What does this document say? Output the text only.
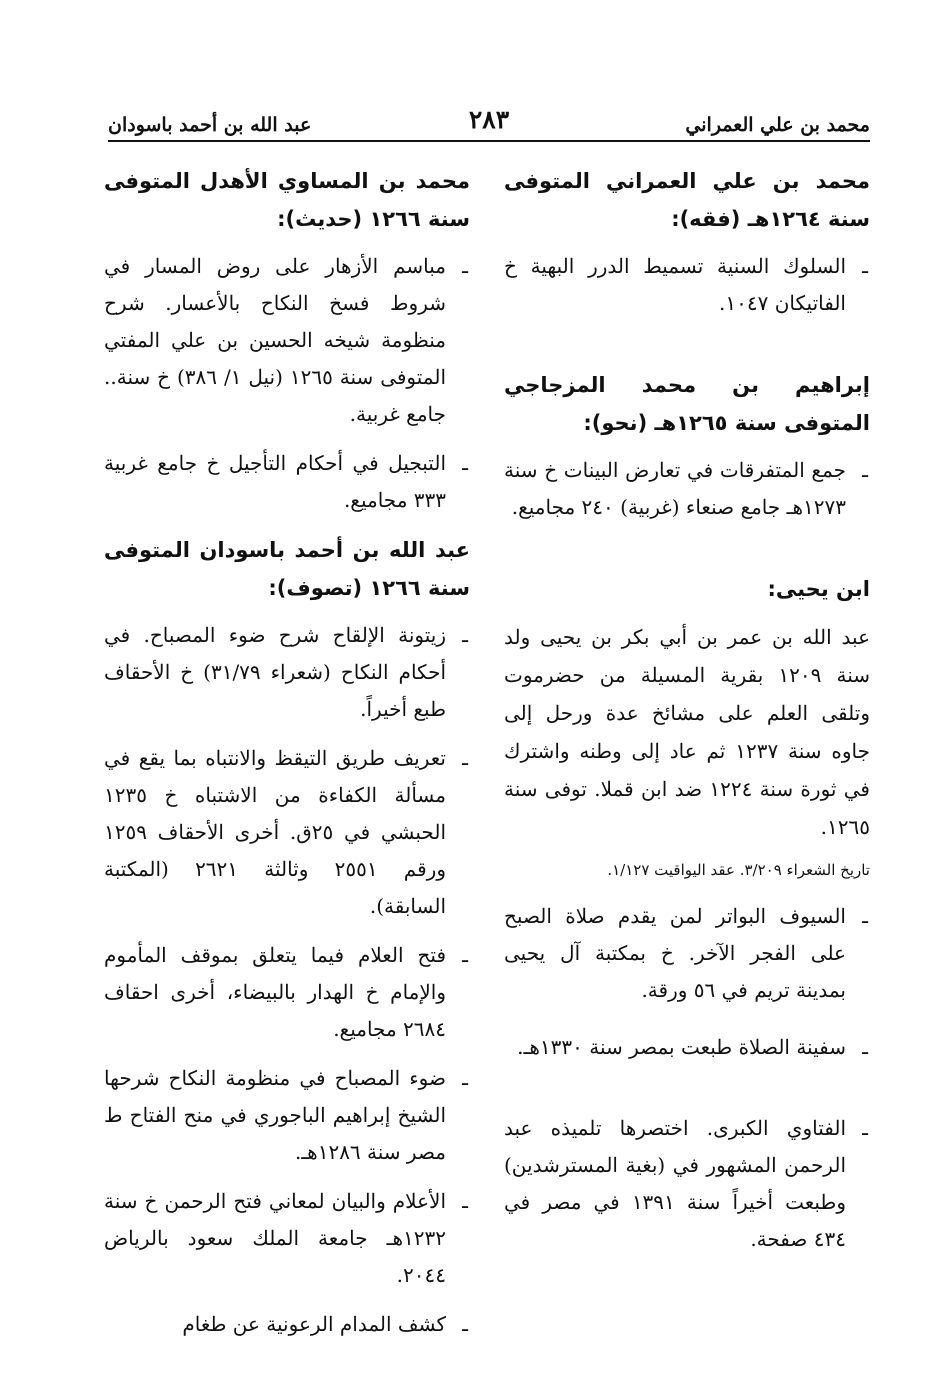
محمد بن علي العمراني
٢٨٣
عبد الله بن أحمد باسودان
محمد بن علي العمراني المتوفى سنة ١٢٦٤هـ (فقه):
ـ السلوك السنية تسميط الدرر البهية خ الفاتيكان ١٠٤٧.
إبراهيم بن محمد المزجاجي المتوفى سنة ١٢٦٥هـ (نحو):
ـ جمع المتفرقات في تعارض البينات خ سنة ١٢٧٣هـ جامع صنعاء (غربية) ٢٤٠ مجاميع.
ابن يحيى:
عبد الله بن عمر بن أبي بكر بن يحيى ولد سنة ١٢٠٩ بقرية المسيلة من حضرموت وتلقى العلم على مشائخ عدة ورحل إلى جاوه سنة ١٢٣٧ ثم عاد إلى وطنه واشترك في ثورة سنة ١٢٢٤ ضد ابن قملا. توفى سنة ١٢٦٥.
تاريخ الشعراء ٣/٢٠٩. عقد اليواقيت ١/١٢٧.
ـ السيوف البواتر لمن يقدم صلاة الصبح على الفجر الآخر. خ بمكتبة آل يحيى بمدينة تريم في ٥٦ ورقة.
ـ سفينة الصلاة طبعت بمصر سنة ١٣٣٠هـ.
ـ الفتاوي الكبرى. اختصرها تلميذه عبد الرحمن المشهور في (بغية المسترشدين) وطبعت أخيراً سنة ١٣٩١ في مصر في ٤٣٤ صفحة.
محمد بن المساوي الأهدل المتوفى سنة ١٢٦٦ (حديث):
ـ مباسم الأزهار على روض المسار في شروط فسخ النكاح بالأعسار. شرح منظومة شيخه الحسين بن علي المفتي المتوفى سنة ١٢٦٥ (نيل ١/ ٣٨٦) خ سنة.. جامع غربية.
ـ التبجيل في أحكام التأجيل خ جامع غربية ٣٣٣ مجاميع.
عبد الله بن أحمد باسودان المتوفى سنة ١٢٦٦ (تصوف):
ـ زيتونة الإلقاح شرح ضوء المصباح. في أحكام النكاح (شعراء ٣١/٧٩) خ الأحقاف طبع أخيراً.
ـ تعريف طريق التيقظ والانتباه بما يقع في مسألة الكفاءة من الاشتباه خ ١٢٣٥ الحبشي في ٢٥ق. أخرى الأحقاف ١٢٥٩ ورقم ٢٥٥١ وثالثة ٢٦٢١ (المكتبة السابقة).
ـ فتح العلام فيما يتعلق بموقف المأموم والإمام خ الهدار بالبيضاء، أخرى احقاف ٢٦٨٤ مجاميع.
ـ ضوء المصباح في منظومة النكاح شرحها الشيخ إبراهيم الباجوري في منح الفتاح ط مصر سنة ١٢٨٦هـ.
ـ الأعلام والبيان لمعاني فتح الرحمن خ سنة ١٢٣٢هـ جامعة الملك سعود بالرياض ٢٠٤٤.
ـ كشف المدام الرعونية عن طغام
